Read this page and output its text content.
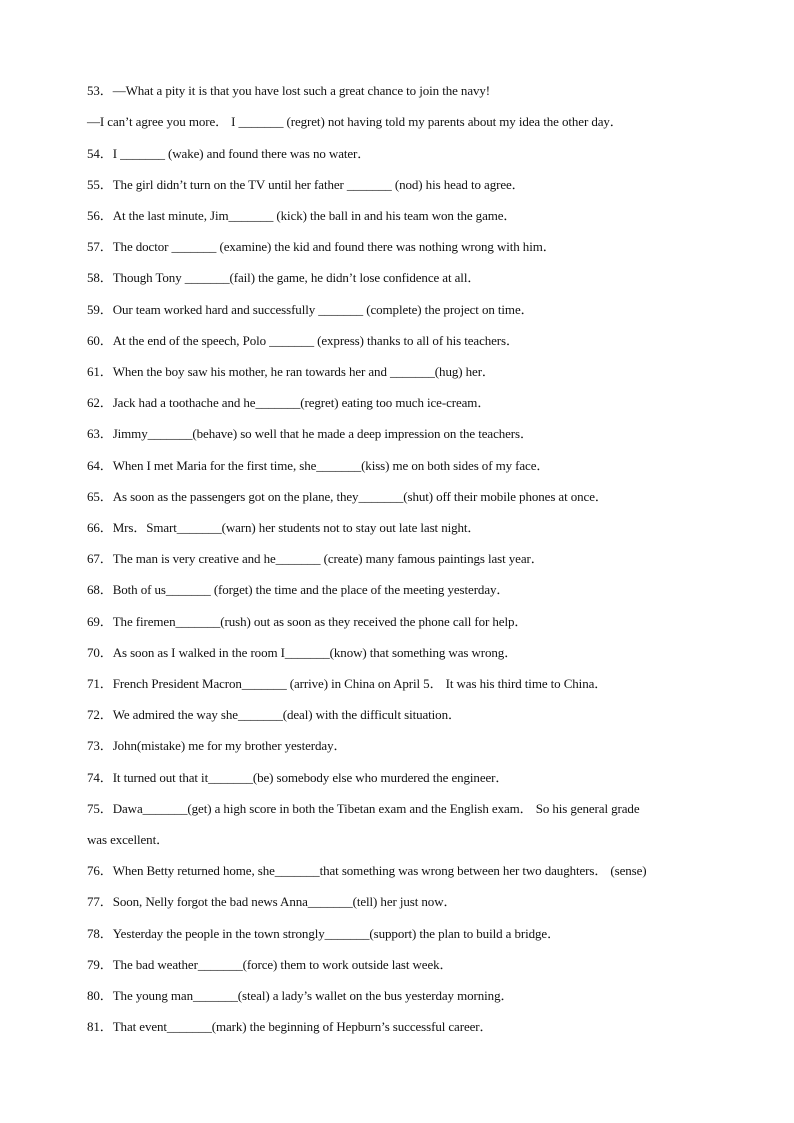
53．—What a pity it is that you have lost such a great chance to join the navy!
—I can’t agree you more． I _______ (regret) not having told my parents about my idea the other day．
54．I _______ (wake) and found there was no water．
55．The girl didn’t turn on the TV until her father _______ (nod) his head to agree．
56．At the last minute, Jim_______ (kick) the ball in and his team won the game．
57．The doctor _______ (examine) the kid and found there was nothing wrong with him．
58．Though Tony _______(fail) the game, he didn’t lose confidence at all．
59．Our team worked hard and successfully _______ (complete) the project on time．
60．At the end of the speech, Polo _______ (express) thanks to all of his teachers．
61．When the boy saw his mother, he ran towards her and _______(hug) her．
62．Jack had a toothache and he_______(regret) eating too much ice-cream．
63．Jimmy_______(behave) so well that he made a deep impression on the teachers．
64．When I met Maria for the first time, she_______(kiss) me on both sides of my face．
65．As soon as the passengers got on the plane, they_______(shut) off their mobile phones at once．
66．Mrs．Smart_______(warn) her students not to stay out late last night．
67．The man is very creative and he_______ (create) many famous paintings last year．
68．Both of us_______ (forget) the time and the place of the meeting yesterday．
69．The firemen_______(rush) out as soon as they received the phone call for help．
70．As soon as I walked in the room I_______(know) that something was wrong．
71．French President Macron_______ (arrive) in China on April 5． It was his third time to China．
72．We admired the way she_______(deal) with the difficult situation．
73．John(mistake) me for my brother yesterday．
74．It turned out that it_______(be) somebody else who murdered the engineer．
75．Dawa_______(get) a high score in both the Tibetan exam and the English exam． So his general grade
was excellent．
76．When Betty returned home, she_______that something was wrong between her two daughters． (sense)
77．Soon, Nelly forgot the bad news Anna_______(tell) her just now．
78．Yesterday the people in the town strongly_______(support) the plan to build a bridge．
79．The bad weather_______(force) them to work outside last week．
80．The young man_______(steal) a lady’s wallet on the bus yesterday morning．
81．That event_______(mark) the beginning of Hepburn’s successful career．
